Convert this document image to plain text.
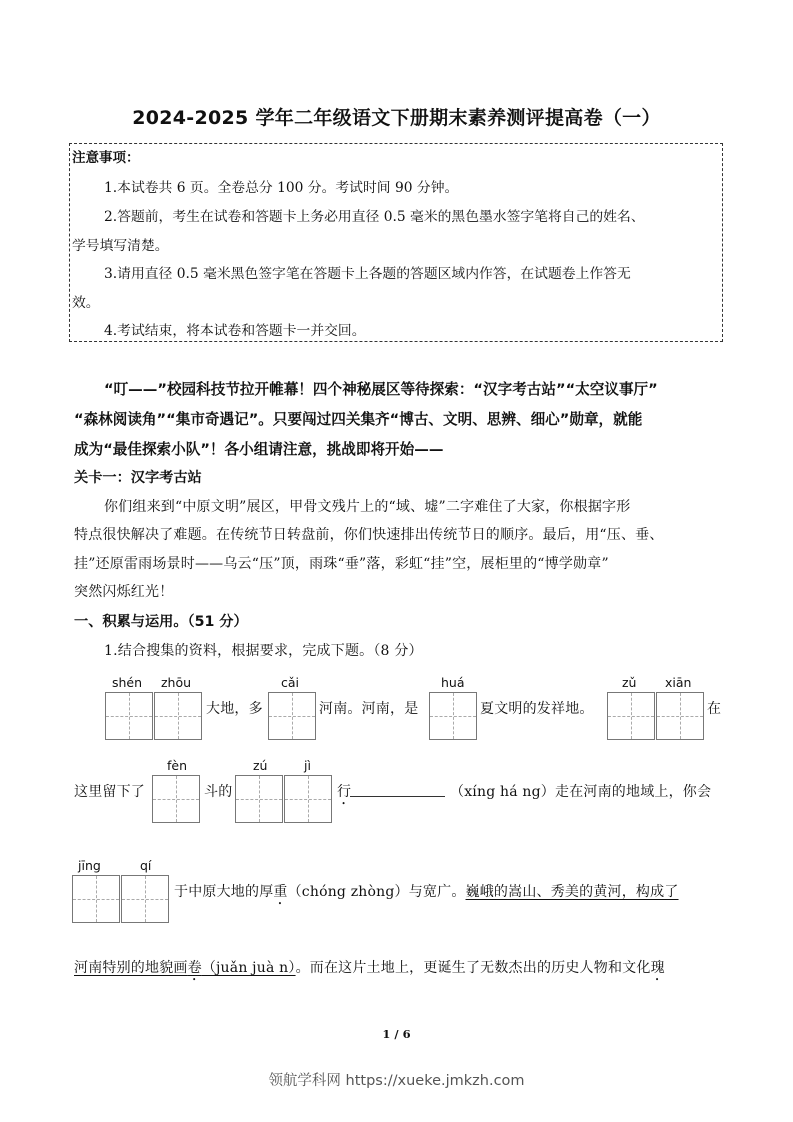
2024-2025 学年二年级语文下册期末素养测评提高卷（一）
注意事项：
1.本试卷共 6 页。全卷总分 100 分。考试时间 90 分钟。
2.答题前，考生在试卷和答题卡上务必用直径 0.5 毫米的黑色墨水签字笔将自己的姓名、
学号填写清楚。
3.请用直径 0.5 毫米黑色签字笔在答题卡上各题的答题区域内作答，在试题卷上作答无
效。
4.考试结束，将本试卷和答题卡一并交回。
“叮——”校园科技节拉开帷幕！四个神秘展区等待探索：“汉字考古站”“太空议事厅”
“森林阅读角”“集市奇遇记”。只要闯过四关集齐“博古、文明、思辨、细心”勋章，就能
成为“最佳探索小队”！各小组请注意，挑战即将开始——
关卡一：汉字考古站
你们组来到“中原文明”展区，甲骨文残片上的“域、墟”二字难住了大家，你根据字形
特点很快解决了难题。在传统节日转盘前，你们快速排出传统节日的顺序。最后，用“压、垂、
挂”还原雷雨场景时——乌云“压”顶，雨珠“垂”落，彩虹“挂”空，展柜里的“博学勋章”
突然闪烁红光！
一、积累与运用。（51 分）
1.结合搜集的资料，根据要求，完成下题。（8 分）
shén zhōu	cǎi	huá	zǔ xiān
大地，多	河南。河南，是	夏文明的发祥地。	在
fèn	zú	jì
这里留下了	斗的	行	（xíng há ng）走在河南的地域上，你会
jīng	qí
于中原大地的厚重（chóng zhòng）与宽广。巍峨的嵩山、秀美的黄河，构成了
河南特别的地貌画卷（juǎn juà n）。而在这片土地上，更诞生了无数杰出的历史人物和文化瑰
1 / 6
领航学科网 https://xueke.jmkzh.com
